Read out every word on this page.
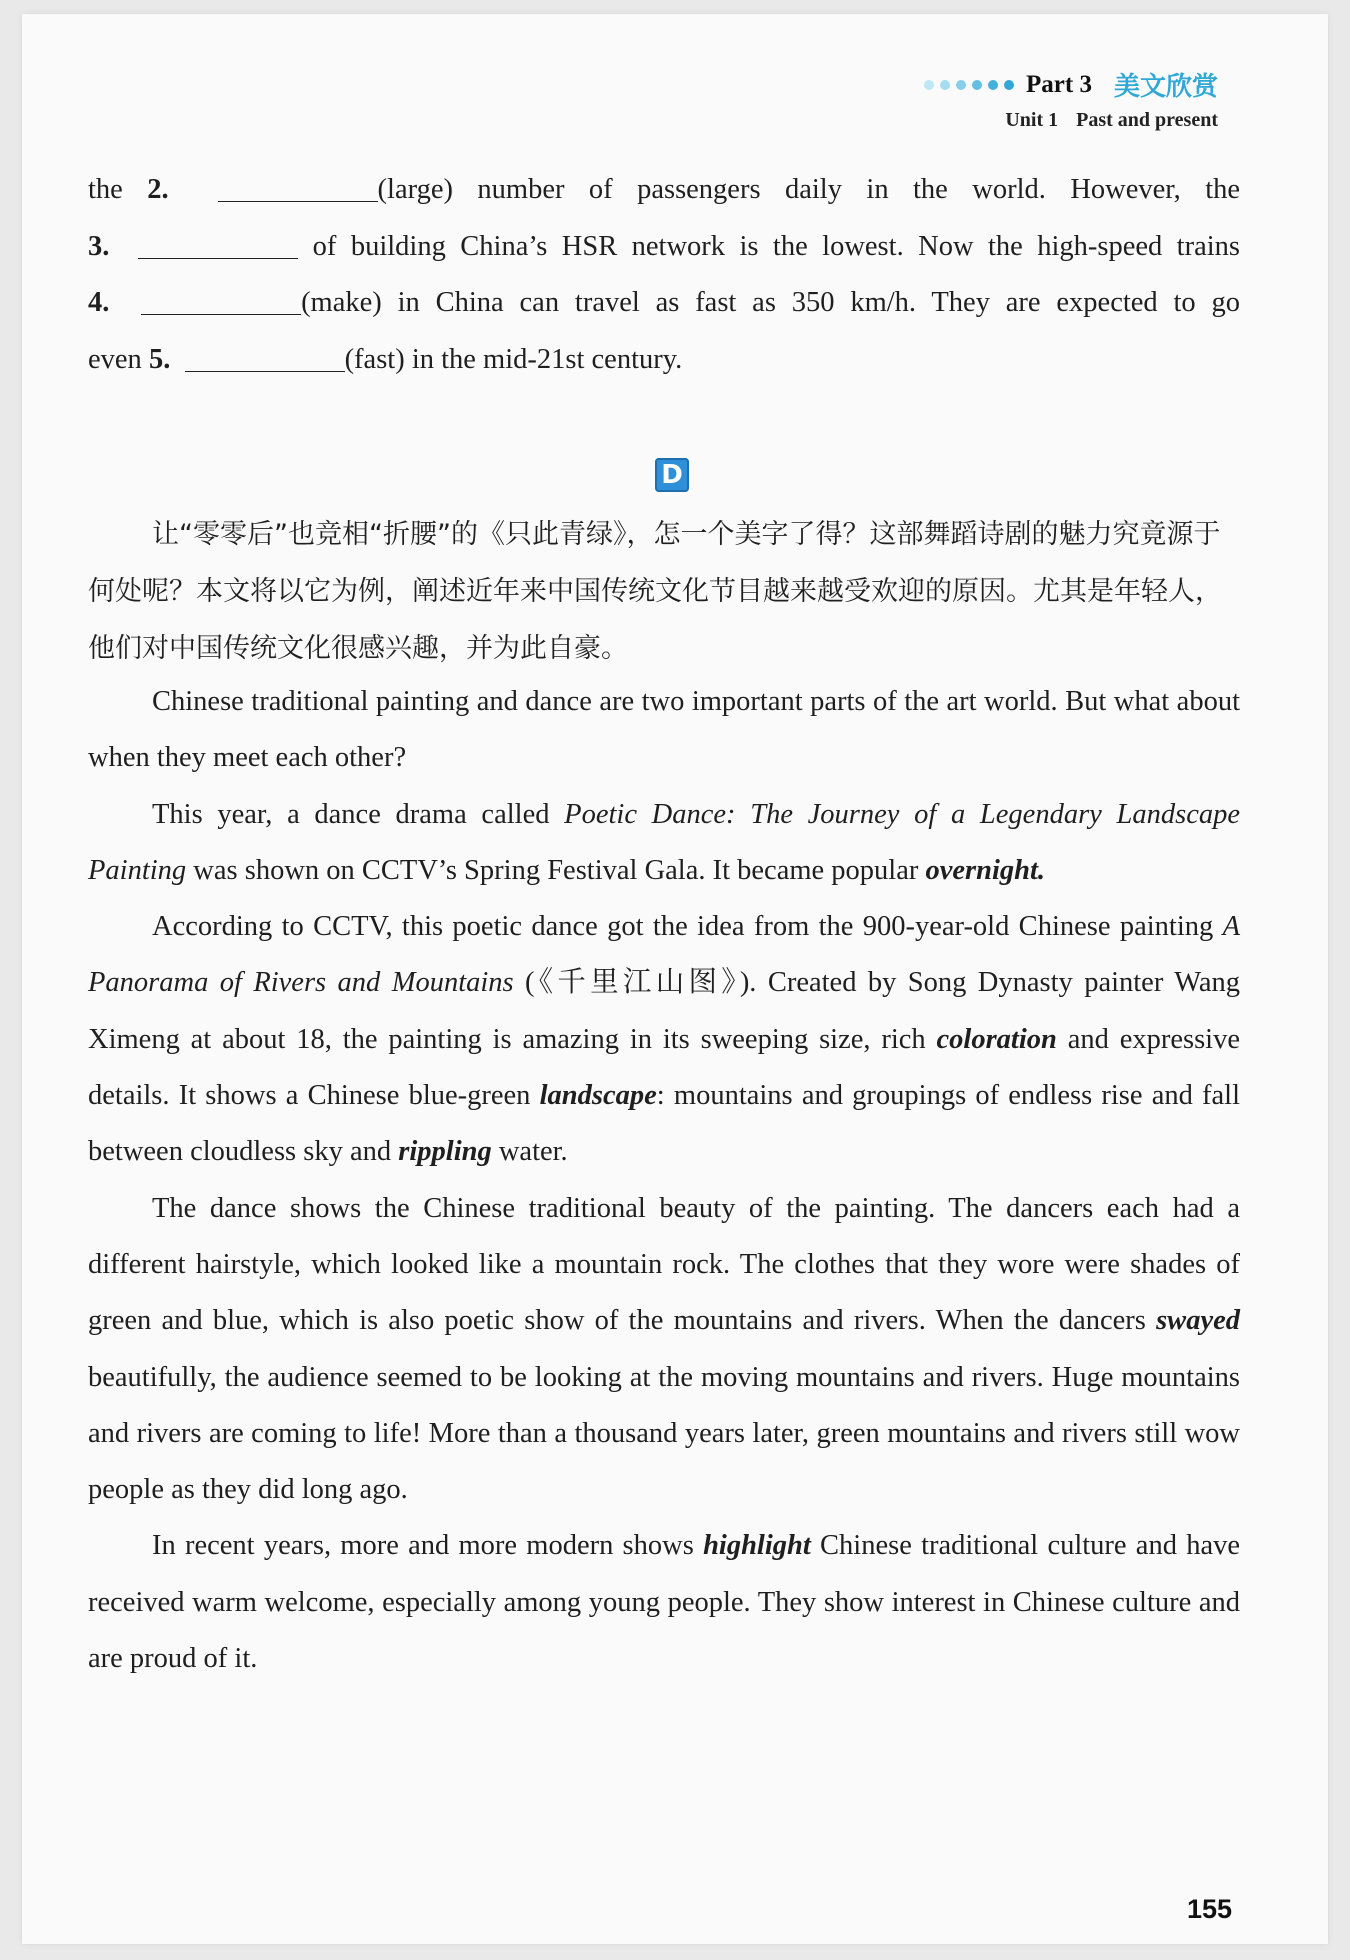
Part 3 美文欣赏
Unit 1 Past and present
the 2.	(large) number of passengers daily in the world. However, the
3.	of building China’s HSR network is the lowest. Now the high-speed trains
4.	(make) in China can travel as fast as 350 km/h. They are expected to go
even 5.	(fast) in the mid-21st century.
D

让“零零后”也竞相“折腰”的《只此青绿》，怎一个美字了得？这部舞蹈诗剧的魅力究竟源于何处呢？本文将以它为例，阐述近年来中国传统文化节目越来越受欢迎的原因。尤其是年轻人，他们对中国传统文化很感兴趣，并为此自豪。

Chinese traditional painting and dance are two important parts of the art world. But what about when they meet each other?

This year, a dance drama called Poetic Dance: The Journey of a Legendary Landscape Painting was shown on CCTV’s Spring Festival Gala. It became popular overnight.

According to CCTV, this poetic dance got the idea from the 900-year-old Chinese painting A Panorama of Rivers and Mountains (《千里江山图》). Created by Song Dynasty painter Wang Ximeng at about 18, the painting is amazing in its sweeping size, rich coloration and expressive details. It shows a Chinese blue-green landscape: mountains and groupings of endless rise and fall between cloudless sky and rippling water.

The dance shows the Chinese traditional beauty of the painting. The dancers each had a different hairstyle, which looked like a mountain rock. The clothes that they wore were shades of green and blue, which is also poetic show of the mountains and rivers. When the dancers swayed beautifully, the audience seemed to be looking at the moving mountains and rivers. Huge mountains and rivers are coming to life! More than a thousand years later, green mountains and rivers still wow people as they did long ago.

In recent years, more and more modern shows highlight Chinese traditional culture and have received warm welcome, especially among young people. They show interest in Chinese culture and are proud of it.

155
